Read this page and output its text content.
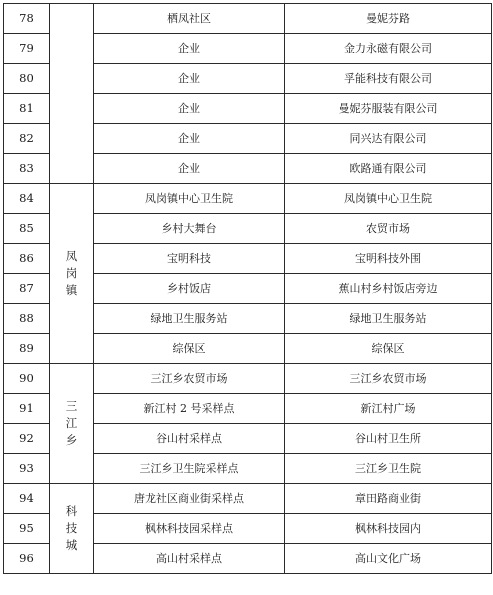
78		栖凤社区	曼妮芬路
79		企业	金力永磁有限公司
80		企业	孚能科技有限公司
81		企业	曼妮芬服装有限公司
82		企业	同兴达有限公司
83		企业	欧路通有限公司
84	凤岗镇	凤岗镇中心卫生院	凤岗镇中心卫生院
85		乡村大舞台	农贸市场
86		宝明科技	宝明科技外围
87		乡村饭店	蕉山村乡村饭店旁边
88		绿地卫生服务站	绿地卫生服务站
89		综保区	综保区
90	三江乡	三江乡农贸市场	三江乡农贸市场
91		新江村 2 号采样点	新江村广场
92		谷山村采样点	谷山村卫生所
93		三江乡卫生院采样点	三江乡卫生院
94	科技城	唐龙社区商业街采样点	章田路商业街
95		枫林科技园采样点	枫林科技园内
96		高山村采样点	高山文化广场
